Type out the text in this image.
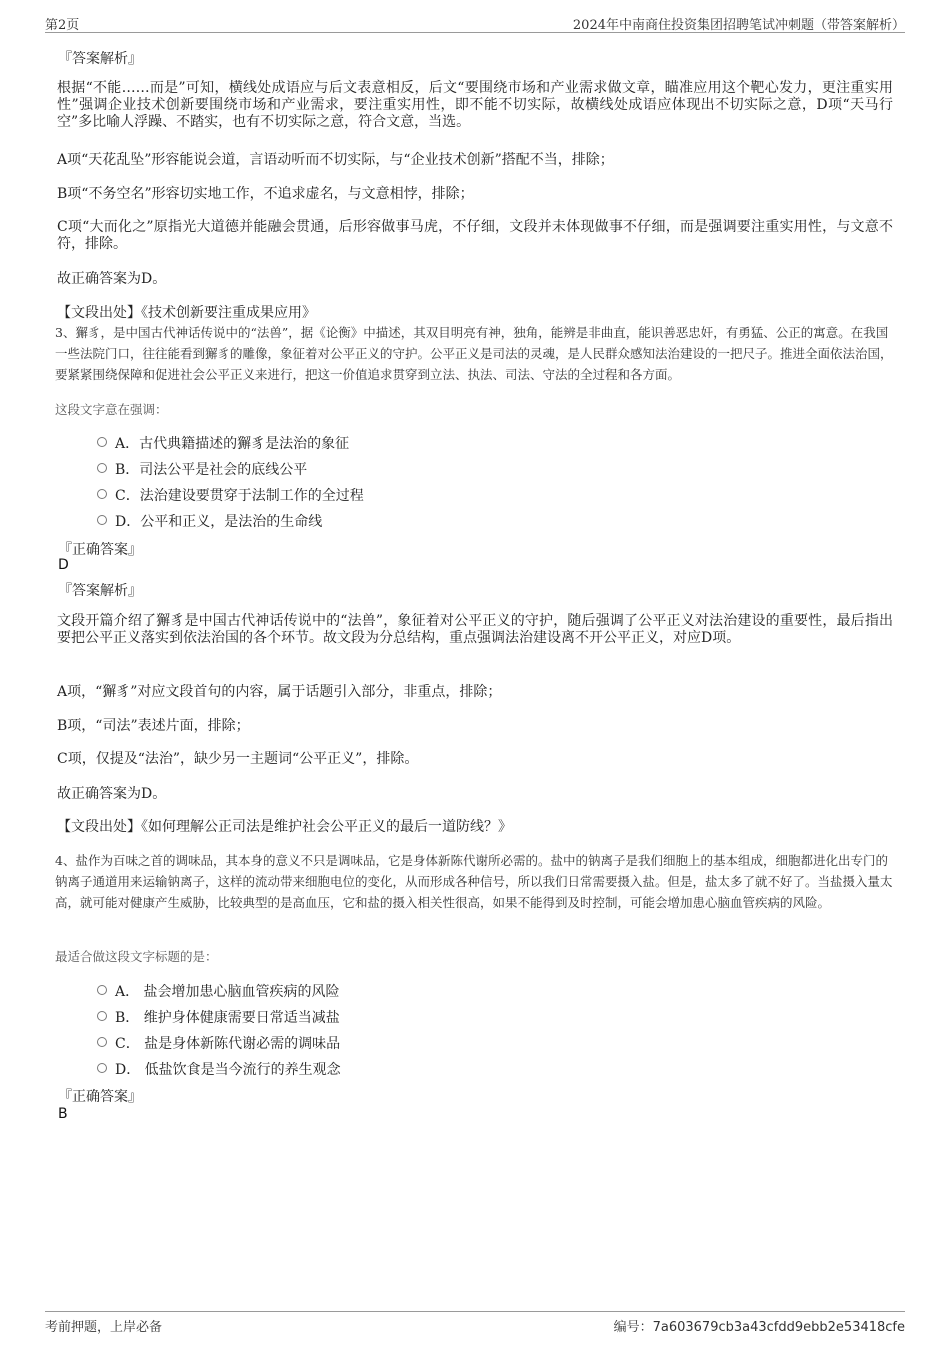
第2页	2024年中南商住投资集团招聘笔试冲刺题（带答案解析）
『答案解析』
根据“不能……而是”可知，横线处成语应与后文表意相反，后文“要围绕市场和产业需求做文章，瞄准应用这个靶心发力，更注重实用性”强调企业技术创新要围绕市场和产业需求，要注重实用性，即不能不切实际，故横线处成语应体现出不切实际之意，D项“天马行空”多比喻人浮躁、不踏实，也有不切实际之意，符合文意，当选。
A项“天花乱坠”形容能说会道，言语动听而不切实际，与“企业技术创新”搭配不当，排除；
B项“不务空名”形容切实地工作，不追求虚名，与文意相悖，排除；
C项“大而化之”原指光大道德并能融会贯通，后形容做事马虎，不仔细，文段并未体现做事不仔细，而是强调要注重实用性，与文意不符，排除。
故正确答案为D。
【文段出处】《技术创新要注重成果应用》
3、獬豸，是中国古代神话传说中的“法兽”，据《论衡》中描述，其双目明亮有神，独角，能辨是非曲直，能识善恶忠奸，有勇猛、公正的寓意。在我国一些法院门口，往往能看到獬豸的雕像，象征着对公平正义的守护。公平正义是司法的灵魂，是人民群众感知法治建设的一把尺子。推进全面依法治国，要紧紧围绕保障和促进社会公平正义来进行，把这一价值追求贯穿到立法、执法、司法、守法的全过程和各方面。
这段文字意在强调：
A．古代典籍描述的獬豸是法治的象征
B．司法公平是社会的底线公平
C．法治建设要贯穿于法制工作的全过程
D．公平和正义，是法治的生命线
『正确答案』
D
『答案解析』
文段开篇介绍了獬豸是中国古代神话传说中的“法兽”，象征着对公平正义的守护，随后强调了公平正义对法治建设的重要性，最后指出要把公平正义落实到依法治国的各个环节。故文段为分总结构，重点强调法治建设离不开公平正义，对应D项。
A项，“獬豸”对应文段首句的内容，属于话题引入部分，非重点，排除；
B项，“司法”表述片面，排除；
C项，仅提及“法治”，缺少另一主题词“公平正义”，排除。
故正确答案为D。
【文段出处】《如何理解公正司法是维护社会公平正义的最后一道防线？》
4、盐作为百味之首的调味品，其本身的意义不只是调味品，它是身体新陈代谢所必需的。盐中的钠离子是我们细胞上的基本组成，细胞都进化出专门的钠离子通道用来运输钠离子，这样的流动带来细胞电位的变化，从而形成各种信号，所以我们日常需要摄入盐。但是，盐太多了就不好了。当盐摄入量太高，就可能对健康产生威胁，比较典型的是高血压，它和盐的摄入相关性很高，如果不能得到及时控制，可能会增加患心脑血管疾病的风险。
最适合做这段文字标题的是：
A． 盐会增加患心脑血管疾病的风险
B． 维护身体健康需要日常适当减盐
C． 盐是身体新陈代谢必需的调味品
D． 低盐饮食是当今流行的养生观念
『正确答案』
B
考前押题，上岸必备	编号：7a603679cb3a43cfdd9ebb2e53418cfe
